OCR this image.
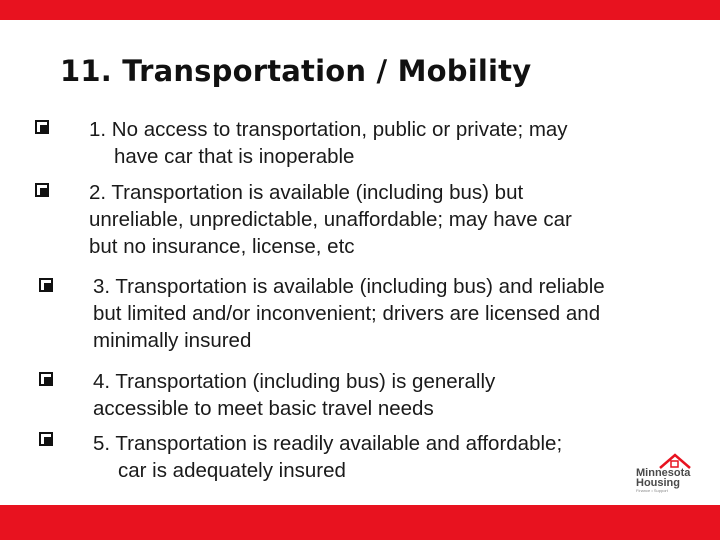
11. Transportation / Mobility
1. No access to transportation, public or private; may
have car that is inoperable
2. Transportation is available (including bus) but
unreliable, unpredictable, unaffordable; may have car
but no insurance, license, etc
3. Transportation is available (including bus) and reliable
but limited and/or inconvenient; drivers are licensed and
minimally insured
4. Transportation (including bus) is generally
accessible to meet basic travel needs
5. Transportation is readily available and affordable;
car is adequately insured	Minnesota
Housing
Finance • Support
